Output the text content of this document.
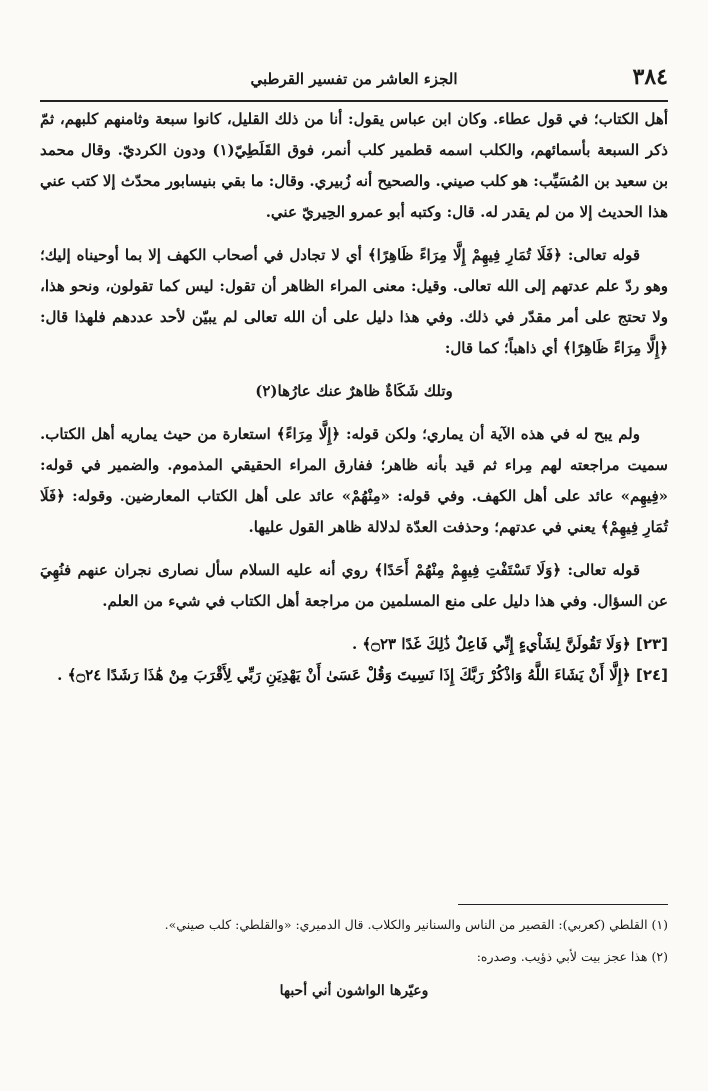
٣٨٤
الجزء العاشر من تفسير القرطبي

أهل الكتاب؛ في قول عطاء. وكان ابن عباس يقول: أنا من ذلك القليل، كانوا سبعة وثامنهم كلبهم، ثمّ ذكر السبعة بأسمائهم، والكلب اسمه قطمير كلب أنمر، فوق القَلَطِيّ(١) ودون الكرديّ. وقال محمد بن سعيد بن المُسَيِّب: هو كلب صيني. والصحيح أنه زُبيري. وقال: ما بقي بنيسابور محدّث إلا كتب عني هذا الحديث إلا من لم يقدر له. قال: وكتبه أبو عمرو الحِيريّ عني.

قوله تعالى: ﴿فَلَا تُمَارِ فِيهِمْ إِلَّا مِرَاءً ظَاهِرًا﴾ أي لا تجادل في أصحاب الكهف إلا بما أوحيناه إليك؛ وهو ردّ علم عدتهم إلى الله تعالى. وقيل: معنى المراء الظاهر أن تقول: ليس كما تقولون، ونحو هذا، ولا تحتج على أمر مقدّر في ذلك. وفي هذا دليل على أن الله تعالى لم يبيّن لأحد عددهم فلهذا قال: ﴿إِلَّا مِرَاءً ظَاهِرًا﴾ أي ذاهباً؛ كما قال:

وتلك شَكَاةٌ ظاهرٌ عنك عارُها(٢)

ولم يبح له في هذه الآية أن يماري؛ ولكن قوله: ﴿إِلَّا مِرَاءً﴾ استعارة من حيث يماريه أهل الكتاب. سميت مراجعته لهم مِراء ثم قيد بأنه ظاهر؛ ففارق المراء الحقيقي المذموم. والضمير في قوله: «فِيهِم» عائد على أهل الكهف. وفي قوله: «مِنْهُمْ» عائد على أهل الكتاب المعارضين. وقوله: ﴿فَلَا تُمَارِ فِيهِمْ﴾ يعني في عدتهم؛ وحذفت العدّة لدلالة ظاهر القول عليها.

قوله تعالى: ﴿وَلَا تَسْتَفْتِ فِيهِمْ مِنْهُمْ أَحَدًا﴾ روي أنه عليه السلام سأل نصارى نجران عنهم فنُهِيَ عن السؤال. وفي هذا دليل على منع المسلمين من مراجعة أهل الكتاب في شيء من العلم.

[٢٣] ﴿وَلَا تَقُولَنَّ لِشَاْيءٍ إِنِّي فَاعِلٌ ذَٰلِكَ غَدًا ۝٢٣﴾ .

[٢٤] ﴿إِلَّا أَنْ يَشَاءَ اللَّهُ وَاذْكُرْ رَبَّكَ إِذَا نَسِيتَ وَقُلْ عَسَىٰ أَنْ يَهْدِيَنِ رَبِّي لِأَقْرَبَ مِنْ هَٰذَا رَشَدًا ۝٢٤﴾ .

(١) القلطي (كعربي): القصير من الناس والسنانير والكلاب. قال الدميري: «والقلطي: كلب صيني».

(٢) هذا عجز بيت لأبي ذؤيب. وصدره:

وعيّرها الواشون أني أحبها
